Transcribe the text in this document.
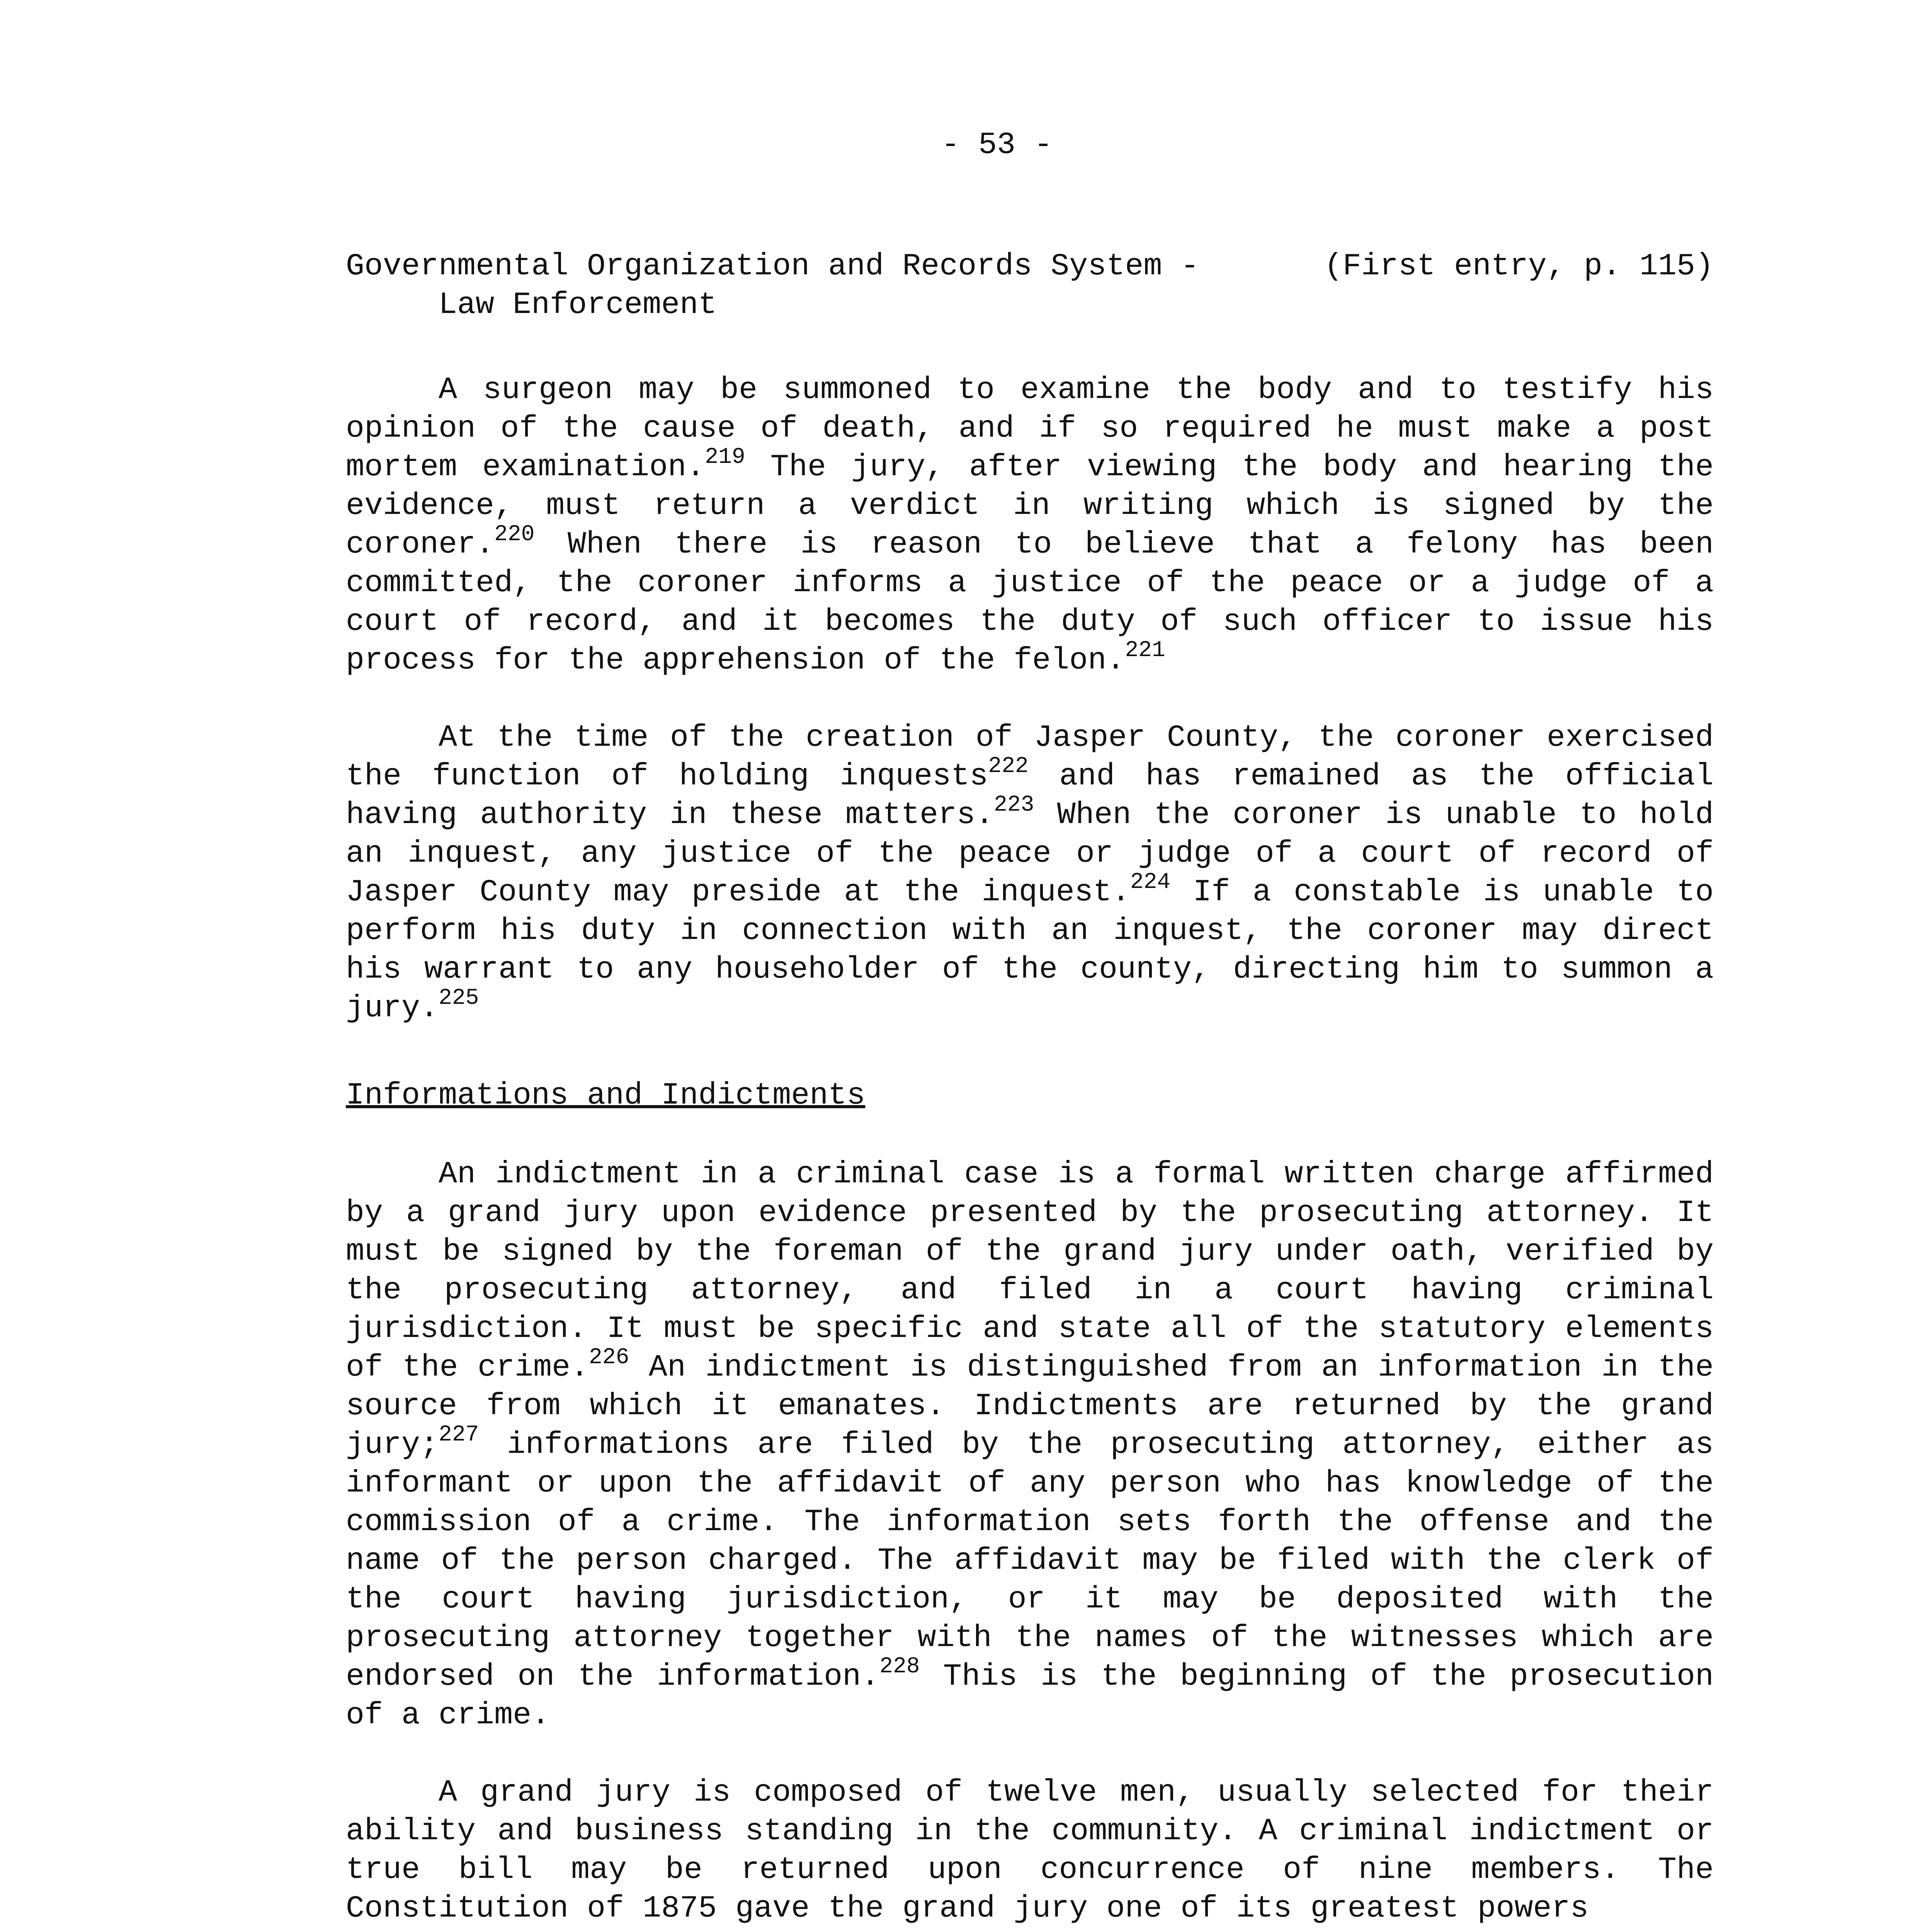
- 53 -
Governmental Organization and Records System -	(First entry, p. 115)
Law Enforcement

A surgeon may be summoned to examine the body and to testify his opinion of the cause of death, and if so required he must make a post mortem examination.$^{219}$ The jury, after viewing the body and hearing the evidence, must return a verdict in writing which is signed by the coroner.$^{220}$ When there is reason to believe that a felony has been committed, the coroner informs a justice of the peace or a judge of a court of record, and it becomes the duty of such officer to issue his process for the apprehension of the felon.$^{221}$

At the time of the creation of Jasper County, the coroner exercised the function of holding inquests$^{222}$ and has remained as the official having authority in these matters.$^{223}$ When the coroner is unable to hold an inquest, any justice of the peace or judge of a court of record of Jasper County may preside at the inquest.$^{224}$ If a constable is unable to perform his duty in connection with an inquest, the coroner may direct his warrant to any householder of the county, directing him to summon a jury.$^{225}$

Informations and Indictments

An indictment in a criminal case is a formal written charge affirmed by a grand jury upon evidence presented by the prosecuting attorney. It must be signed by the foreman of the grand jury under oath, verified by the prosecuting attorney, and filed in a court having criminal jurisdiction. It must be specific and state all of the statutory elements of the crime.$^{226}$ An indictment is distinguished from an information in the source from which it emanates. Indictments are returned by the grand jury;$^{227}$ informations are filed by the prosecuting attorney, either as informant or upon the affidavit of any person who has knowledge of the commission of a crime. The information sets forth the offense and the name of the person charged. The affidavit may be filed with the clerk of the court having jurisdiction, or it may be deposited with the prosecuting attorney together with the names of the witnesses which are endorsed on the information.$^{228}$ This is the beginning of the prosecution of a crime.

A grand jury is composed of twelve men, usually selected for their ability and business standing in the community. A criminal indictment or true bill may be returned upon concurrence of nine members. The Constitution of 1875 gave the grand jury one of its greatest powers
